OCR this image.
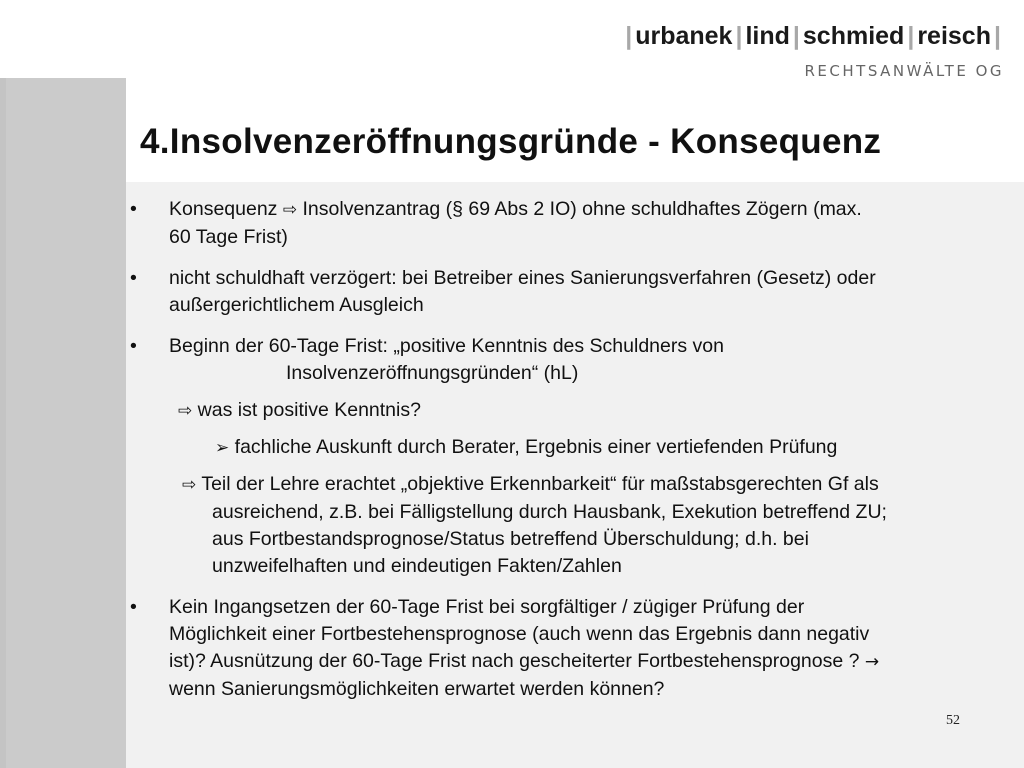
| urbanek | lind | schmied | reisch |
RECHTSANWÄLTE OG
4.Insolvenzeröffnungsgründe - Konsequenz
• Konsequenz ⇨ Insolvenzantrag (§ 69 Abs 2 IO) ohne schuldhaftes Zögern (max.
60 Tage Frist)
• nicht schuldhaft verzögert: bei Betreiber eines Sanierungsverfahren (Gesetz) oder
außergerichtlichem Ausgleich
• Beginn der 60-Tage Frist: „positive Kenntnis des Schuldners von
Insolvenzeröffnungsgründen“ (hL)
⇨ was ist positive Kenntnis?
➢ fachliche Auskunft durch Berater, Ergebnis einer vertiefenden Prüfung
⇨ Teil der Lehre erachtet „objektive Erkennbarkeit“ für maßstabsgerechten Gf als
ausreichend, z.B. bei Fälligstellung durch Hausbank, Exekution betreffend ZU;
aus Fortbestandsprognose/Status betreffend Überschuldung; d.h. bei
unzweifelhaften und eindeutigen Fakten/Zahlen
• Kein Ingangsetzen der 60-Tage Frist bei sorgfältiger / zügiger Prüfung der
Möglichkeit einer Fortbestehensprognose (auch wenn das Ergebnis dann negativ
ist)? Ausnützung der 60-Tage Frist nach gescheiterter Fortbestehensprognose ? →
wenn Sanierungsmöglichkeiten erwartet werden können?
52
